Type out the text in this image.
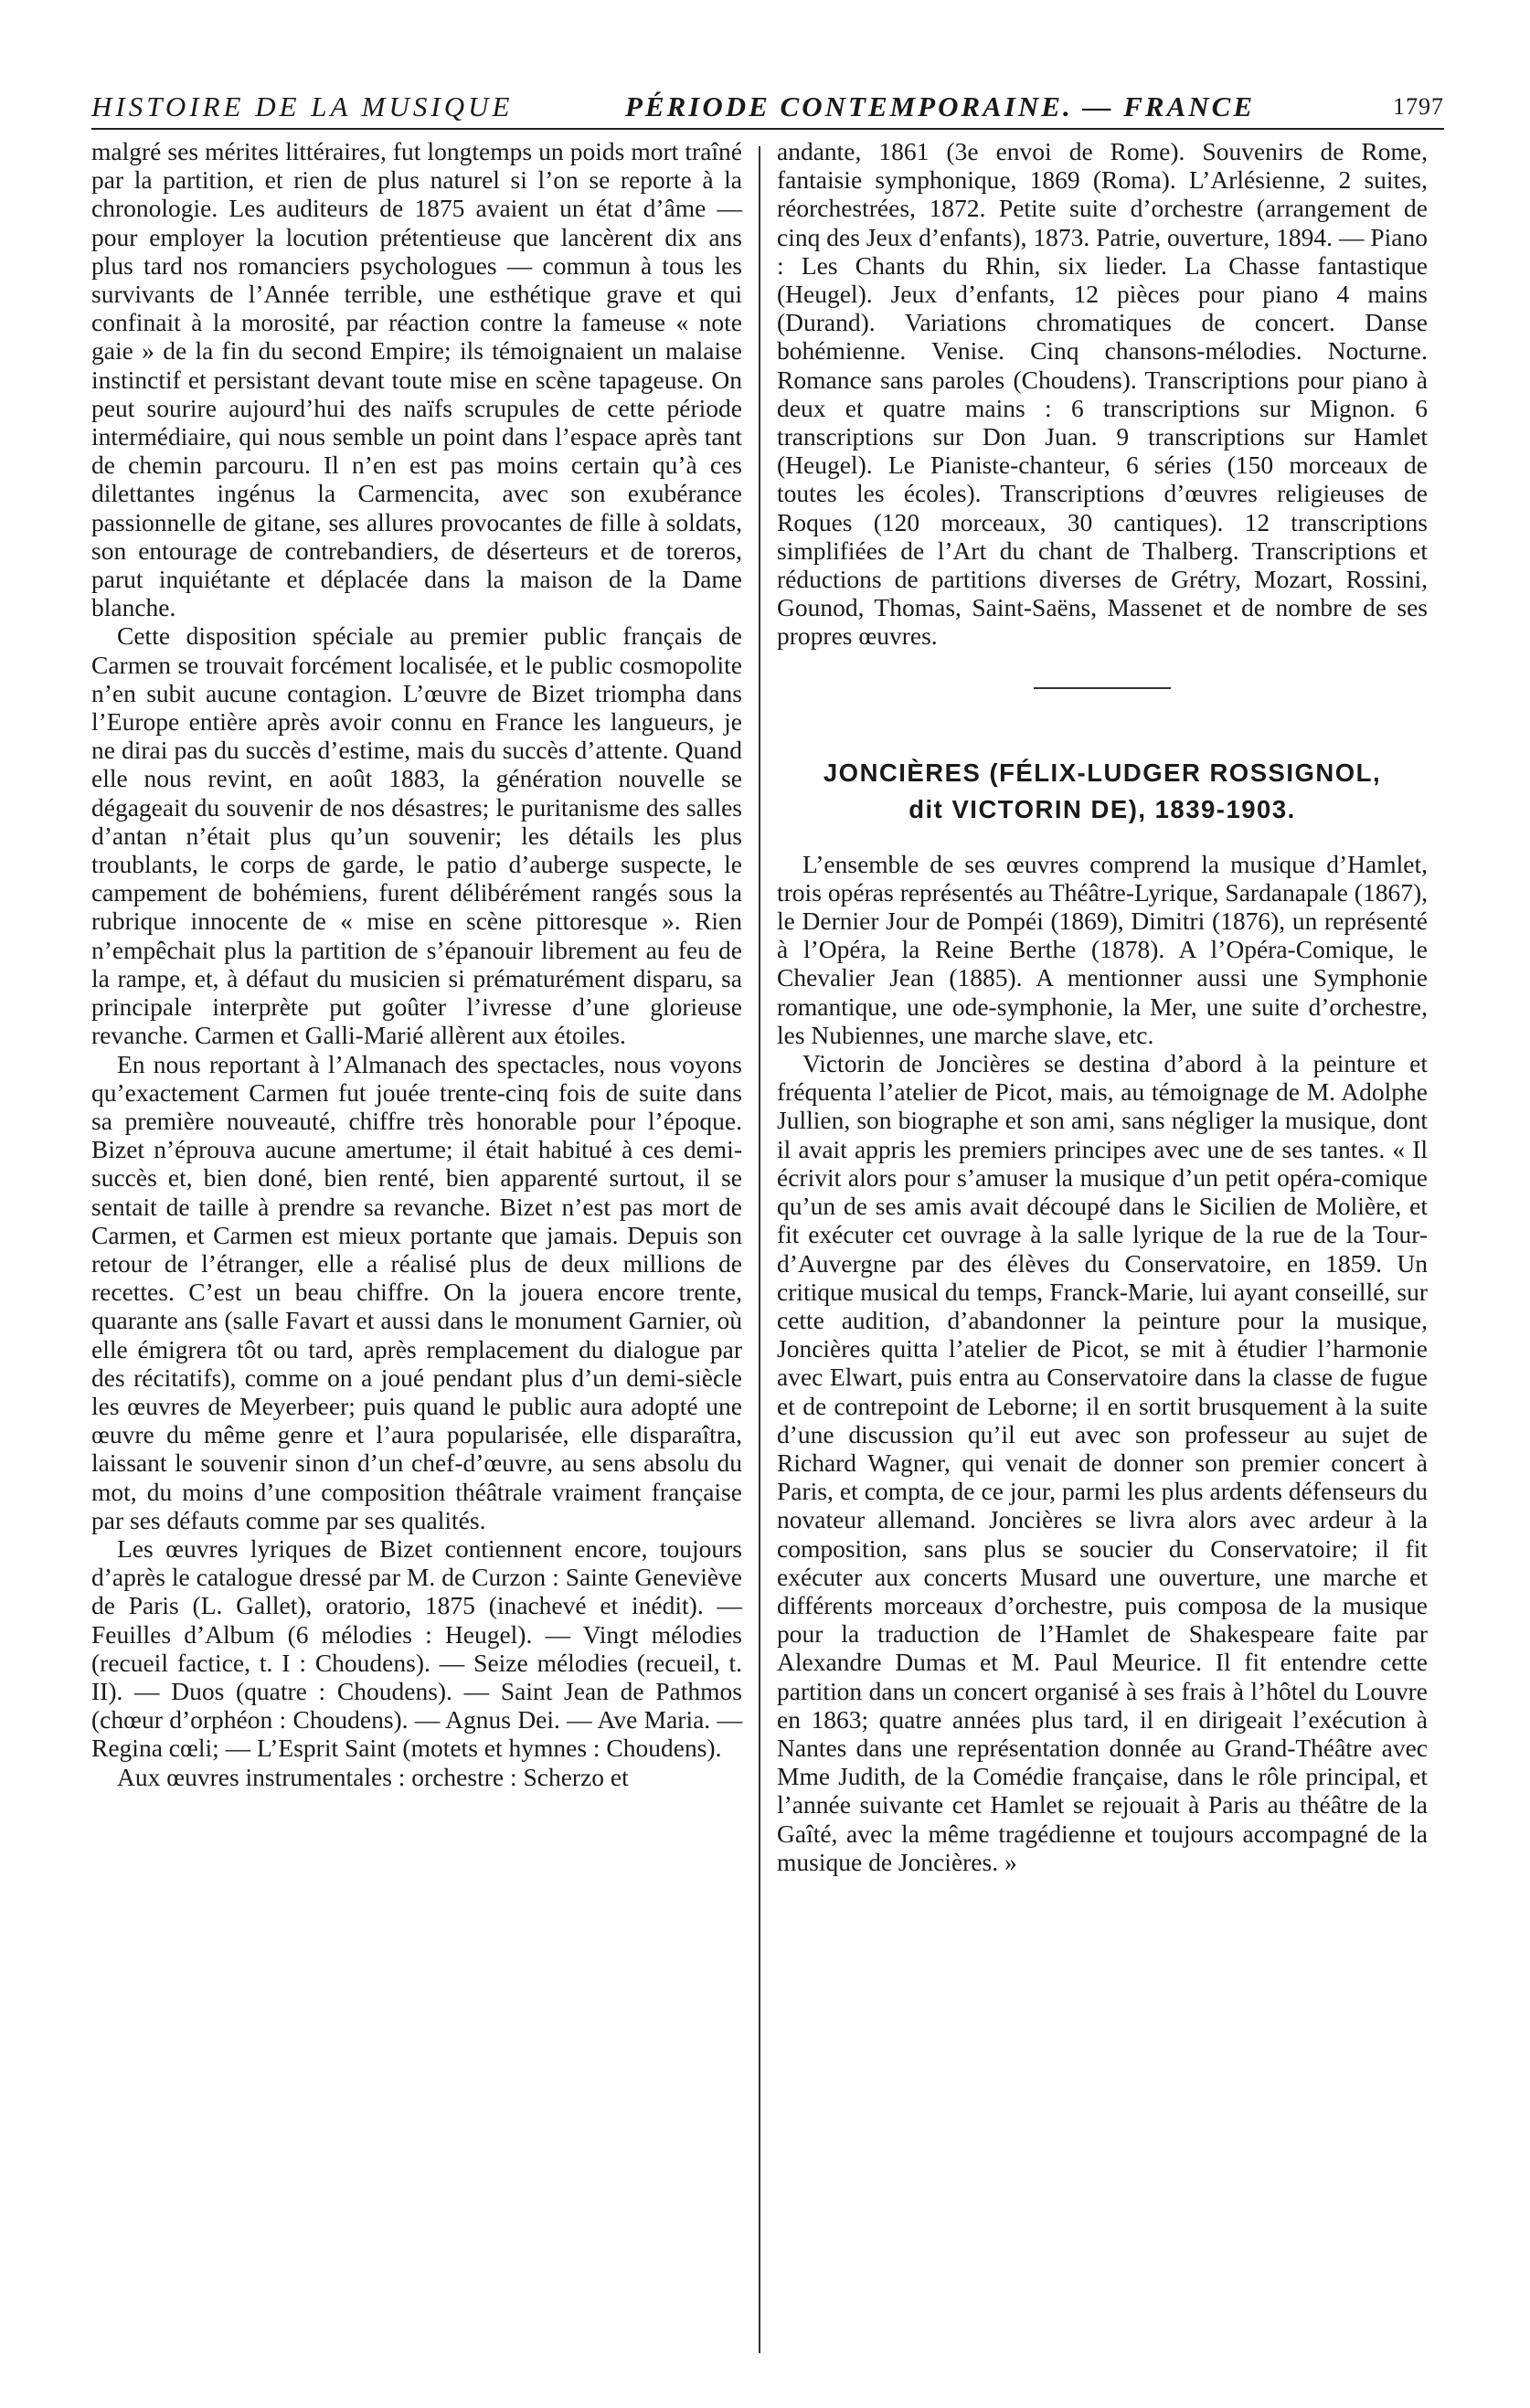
HISTOIRE DE LA MUSIQUE	PÉRIODE CONTEMPORAINE. — FRANCE	1797

malgré ses mérites littéraires, fut longtemps un poids mort traîné par la partition, et rien de plus naturel si l’on se reporte à la chronologie. Les auditeurs de 1875 avaient un état d’âme — pour employer la locution prétentieuse que lancèrent dix ans plus tard nos romanciers psychologues — commun à tous les survivants de l’Année terrible, une esthétique grave et qui confinait à la morosité, par réaction contre la fameuse « note gaie » de la fin du second Empire; ils témoignaient un malaise instinctif et persistant devant toute mise en scène tapageuse. On peut sourire aujourd’hui des naïfs scrupules de cette période intermédiaire, qui nous semble un point dans l’espace après tant de chemin parcouru. Il n’en est pas moins certain qu’à ces dilettantes ingénus la Carmencita, avec son exubérance passionnelle de gitane, ses allures provocantes de fille à soldats, son entourage de contrebandiers, de déserteurs et de toreros, parut inquiétante et déplacée dans la maison de la Dame blanche.

Cette disposition spéciale au premier public français de Carmen se trouvait forcément localisée, et le public cosmopolite n’en subit aucune contagion. L’œuvre de Bizet triompha dans l’Europe entière après avoir connu en France les langueurs, je ne dirai pas du succès d’estime, mais du succès d’attente. Quand elle nous revint, en août 1883, la génération nouvelle se dégageait du souvenir de nos désastres; le puritanisme des salles d’antan n’était plus qu’un souvenir; les détails les plus troublants, le corps de garde, le patio d’auberge suspecte, le campement de bohémiens, furent délibérément rangés sous la rubrique innocente de « mise en scène pittoresque ». Rien n’empêchait plus la partition de s’épanouir librement au feu de la rampe, et, à défaut du musicien si prématurément disparu, sa principale interprète put goûter l’ivresse d’une glorieuse revanche. Carmen et Galli-Marié allèrent aux étoiles.

En nous reportant à l’Almanach des spectacles, nous voyons qu’exactement Carmen fut jouée trente-cinq fois de suite dans sa première nouveauté, chiffre très honorable pour l’époque. Bizet n’éprouva aucune amertume; il était habitué à ces demi-succès et, bien doné, bien renté, bien apparenté surtout, il se sentait de taille à prendre sa revanche. Bizet n’est pas mort de Carmen, et Carmen est mieux portante que jamais. Depuis son retour de l’étranger, elle a réalisé plus de deux millions de recettes. C’est un beau chiffre. On la jouera encore trente, quarante ans (salle Favart et aussi dans le monument Garnier, où elle émigrera tôt ou tard, après remplacement du dialogue par des récitatifs), comme on a joué pendant plus d’un demi-siècle les œuvres de Meyerbeer; puis quand le public aura adopté une œuvre du même genre et l’aura popularisée, elle disparaîtra, laissant le souvenir sinon d’un chef-d’œuvre, au sens absolu du mot, du moins d’une composition théâtrale vraiment française par ses défauts comme par ses qualités.

Les œuvres lyriques de Bizet contiennent encore, toujours d’après le catalogue dressé par M. de Curzon : Sainte Geneviève de Paris (L. Gallet), oratorio, 1875 (inachevé et inédit). — Feuilles d’Album (6 mélodies : Heugel). — Vingt mélodies (recueil factice, t. I : Choudens). — Seize mélodies (recueil, t. II). — Duos (quatre : Choudens). — Saint Jean de Pathmos (chœur d’orphéon : Choudens). — Agnus Dei. — Ave Maria. — Regina cœli; — L’Esprit Saint (motets et hymnes : Choudens).

Aux œuvres instrumentales : orchestre : Scherzo et

andante, 1861 (3e envoi de Rome). Souvenirs de Rome, fantaisie symphonique, 1869 (Roma). L’Arlésienne, 2 suites, réorchestrées, 1872. Petite suite d’orchestre (arrangement de cinq des Jeux d’enfants), 1873. Patrie, ouverture, 1894. — Piano : Les Chants du Rhin, six lieder. La Chasse fantastique (Heugel). Jeux d’enfants, 12 pièces pour piano 4 mains (Durand). Variations chromatiques de concert. Danse bohémienne. Venise. Cinq chansons-mélodies. Nocturne. Romance sans paroles (Choudens). Transcriptions pour piano à deux et quatre mains : 6 transcriptions sur Mignon. 6 transcriptions sur Don Juan. 9 transcriptions sur Hamlet (Heugel). Le Pianiste-chanteur, 6 séries (150 morceaux de toutes les écoles). Transcriptions d’œuvres religieuses de Roques (120 morceaux, 30 cantiques). 12 transcriptions simplifiées de l’Art du chant de Thalberg. Transcriptions et réductions de partitions diverses de Grétry, Mozart, Rossini, Gounod, Thomas, Saint-Saëns, Massenet et de nombre de ses propres œuvres.

JONCIÈRES (FÉLIX-LUDGER ROSSIGNOL,
dit VICTORIN DE), 1839-1903.

L’ensemble de ses œuvres comprend la musique d’Hamlet, trois opéras représentés au Théâtre-Lyrique, Sardanapale (1867), le Dernier Jour de Pompéi (1869), Dimitri (1876), un représenté à l’Opéra, la Reine Berthe (1878). A l’Opéra-Comique, le Chevalier Jean (1885). A mentionner aussi une Symphonie romantique, une ode-symphonie, la Mer, une suite d’orchestre, les Nubiennes, une marche slave, etc.

Victorin de Joncières se destina d’abord à la peinture et fréquenta l’atelier de Picot, mais, au témoignage de M. Adolphe Jullien, son biographe et son ami, sans négliger la musique, dont il avait appris les premiers principes avec une de ses tantes. « Il écrivit alors pour s’amuser la musique d’un petit opéra-comique qu’un de ses amis avait découpé dans le Sicilien de Molière, et fit exécuter cet ouvrage à la salle lyrique de la rue de la Tour-d’Auvergne par des élèves du Conservatoire, en 1859. Un critique musical du temps, Franck-Marie, lui ayant conseillé, sur cette audition, d’abandonner la peinture pour la musique, Joncières quitta l’atelier de Picot, se mit à étudier l’harmonie avec Elwart, puis entra au Conservatoire dans la classe de fugue et de contrepoint de Leborne; il en sortit brusquement à la suite d’une discussion qu’il eut avec son professeur au sujet de Richard Wagner, qui venait de donner son premier concert à Paris, et compta, de ce jour, parmi les plus ardents défenseurs du novateur allemand. Joncières se livra alors avec ardeur à la composition, sans plus se soucier du Conservatoire; il fit exécuter aux concerts Musard une ouverture, une marche et différents morceaux d’orchestre, puis composa de la musique pour la traduction de l’Hamlet de Shakespeare faite par Alexandre Dumas et M. Paul Meurice. Il fit entendre cette partition dans un concert organisé à ses frais à l’hôtel du Louvre en 1863; quatre années plus tard, il en dirigeait l’exécution à Nantes dans une représentation donnée au Grand-Théâtre avec Mme Judith, de la Comédie française, dans le rôle principal, et l’année suivante cet Hamlet se rejouait à Paris au théâtre de la Gaîté, avec la même tragédienne et toujours accompagné de la musique de Joncières. »
